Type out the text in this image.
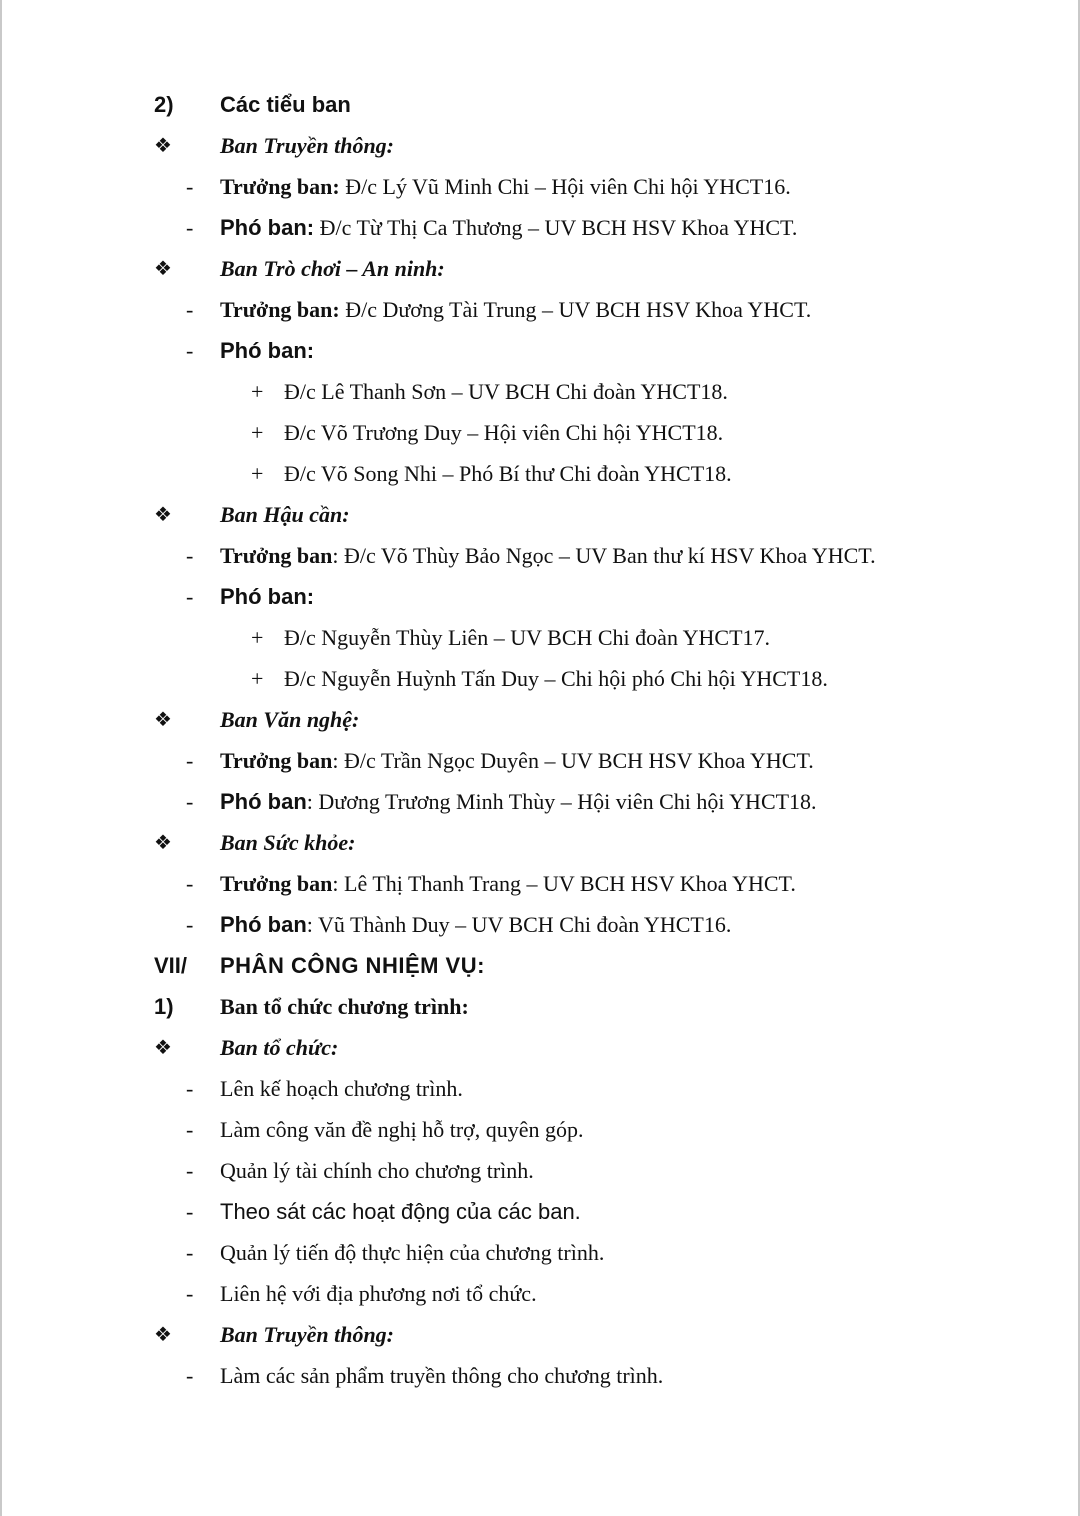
2) Các tiểu ban
❖ Ban Truyền thông:
- Trưởng ban: Đ/c Lý Vũ Minh Chi – Hội viên Chi hội YHCT16.
- Phó ban: Đ/c Từ Thị Ca Thương – UV BCH HSV Khoa YHCT.
❖ Ban Trò chơi – An ninh:
- Trưởng ban: Đ/c Dương Tài Trung – UV BCH HSV Khoa YHCT.
- Phó ban:
+ Đ/c Lê Thanh Sơn – UV BCH Chi đoàn YHCT18.
+ Đ/c Võ Trương Duy – Hội viên Chi hội YHCT18.
+ Đ/c Võ Song Nhi – Phó Bí thư Chi đoàn YHCT18.
❖ Ban Hậu cần:
- Trưởng ban: Đ/c Võ Thùy Bảo Ngọc – UV Ban thư kí HSV Khoa YHCT.
- Phó ban:
+ Đ/c Nguyễn Thùy Liên – UV BCH Chi đoàn YHCT17.
+ Đ/c Nguyễn Huỳnh Tấn Duy – Chi hội phó Chi hội YHCT18.
❖ Ban Văn nghệ:
- Trưởng ban: Đ/c Trần Ngọc Duyên – UV BCH HSV Khoa YHCT.
- Phó ban: Dương Trương Minh Thùy – Hội viên Chi hội YHCT18.
❖ Ban Sức khỏe:
- Trưởng ban: Lê Thị Thanh Trang – UV BCH HSV Khoa YHCT.
- Phó ban: Vũ Thành Duy – UV BCH Chi đoàn YHCT16.
VII/ PHÂN CÔNG NHIỆM VỤ:
1) Ban tổ chức chương trình:
❖ Ban tổ chức:
- Lên kế hoạch chương trình.
- Làm công văn đề nghị hỗ trợ, quyên góp.
- Quản lý tài chính cho chương trình.
- Theo sát các hoạt động của các ban.
- Quản lý tiến độ thực hiện của chương trình.
- Liên hệ với địa phương nơi tổ chức.
❖ Ban Truyền thông:
- Làm các sản phẩm truyền thông cho chương trình.
